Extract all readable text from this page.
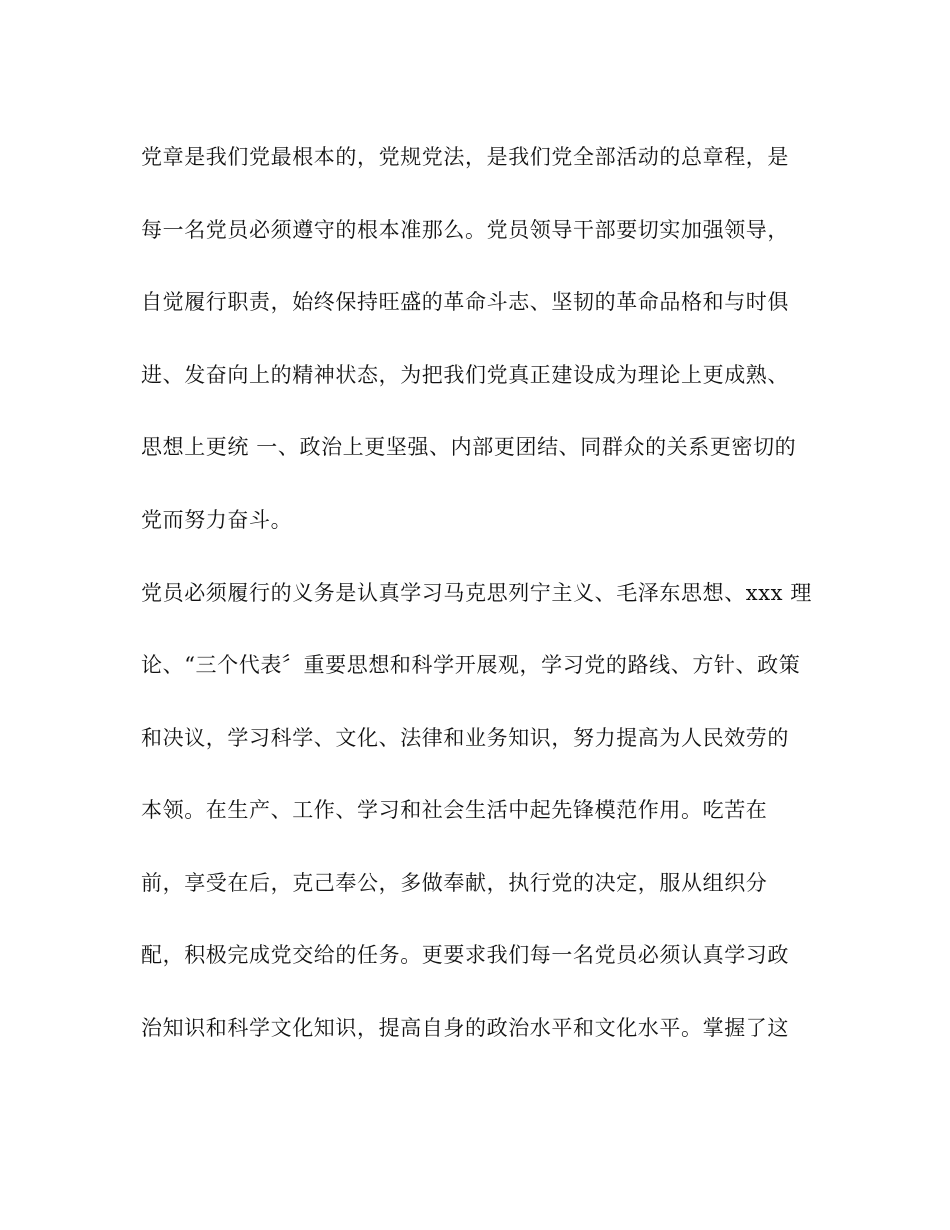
党章是我们党最根本的，党规党法，是我们党全部活动的总章程，是
每一名党员必须遵守的根本准那么。党员领导干部要切实加强领导，
自觉履行职责，始终保持旺盛的革命斗志、坚韧的革命品格和与时俱
进、发奋向上的精神状态，为把我们党真正建设成为理论上更成熟、
思想上更统 一、政治上更坚强、内部更团结、同群众的关系更密切的
党而努力奋斗。
党员必须履行的义务是认真学习马克思列宁主义、毛泽东思想、xxx 理
论、“三个代表〞重要思想和科学开展观，学习党的路线、方针、政策
和决议，学习科学、文化、法律和业务知识，努力提高为人民效劳的
本领。在生产、工作、学习和社会生活中起先锋模范作用。吃苦在
前，享受在后，克己奉公，多做奉献，执行党的决定，服从组织分
配，积极完成党交给的任务。更要求我们每一名党员必须认真学习政
治知识和科学文化知识，提高自身的政治水平和文化水平。掌握了这
